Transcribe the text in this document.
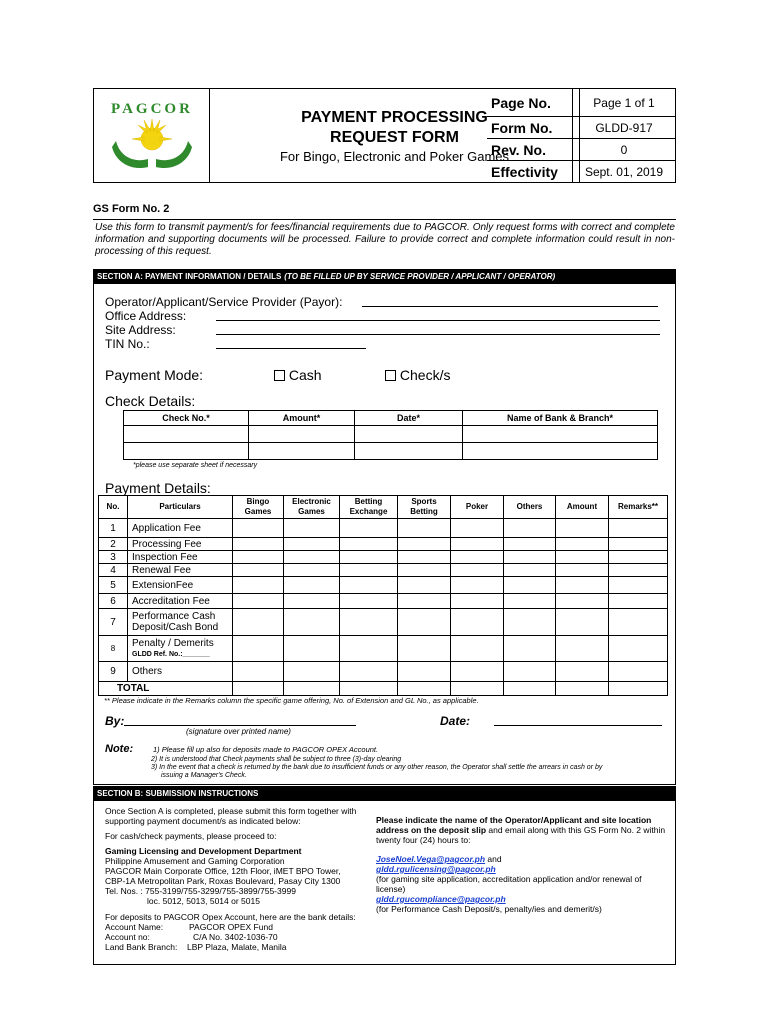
PAGCOR	PAYMENT PROCESSING
REQUEST FORM
For Bingo, Electronic and Poker Games
Page No.	Page 1 of 1
Form No.	GLDD-917
Rev. No.	0
Effectivity	Sept. 01, 2019
GS Form No. 2
Use this form to transmit payment/s for fees/financial requirements due to PAGCOR. Only request forms with correct and complete information and supporting documents will be processed. Failure to provide correct and complete information could result in non-processing of this request.
SECTION A: PAYMENT INFORMATION / DETAILS (TO BE FILLED UP BY SERVICE PROVIDER / APPLICANT / OPERATOR)
Operator/Applicant/Service Provider (Payor):
Office Address:
Site Address:
TIN No.:
Payment Mode:	Cash	Check/s
Check Details:
Check No.*	Amount*	Date*	Name of Bank & Branch*

*please use separate sheet if necessary
Payment Details:
No.	Particulars	Bingo Games	Electronic Games	Betting Exchange	Sports Betting	Poker	Others	Amount	Remarks**
1	Application Fee								
2	Processing Fee								
3	Inspection Fee								
4	Renewal Fee								
5	ExtensionFee								
6	Accreditation Fee								
7	Performance Cash Deposit/Cash Bond								
8	Penalty / Demerits
GLDD Ref. No.:_______								

9	Others								
TOTAL									
** Please indicate in the Remarks column the specific game offering, No. of Extension and GL No., as applicable.
By:
(signature over printed name)
Date:
Note:	1) Please fill up also for deposits made to PAGCOR OPEX Account.
2) It is understood that Check payments shall be subject to three (3)-day clearing
3) In the event that a check is returned by the bank due to insufficient funds or any other reason, the Operator shall settle the arrears in cash or by
issuing a Manager's Check.
SECTION B: SUBMISSION INSTRUCTIONS
Once Section A is completed, please submit this form together with supporting payment document/s as indicated below:
For cash/check payments, please proceed to:
Gaming Licensing and Development Department
Philippine Amusement and Gaming Corporation
PAGCOR Main Corporate Office, 12th Floor, iMET BPO Tower,
CBP-1A Metropolitan Park, Roxas Boulevard, Pasay City 1300
Tel. Nos. : 755-3199/755-3299/755-3899/755-3999
loc. 5012, 5013, 5014 or 5015
For deposits to PAGCOR Opex Account, here are the bank details:
Account Name:	PAGCOR OPEX Fund
Account no:	C/A No. 3402-1036-70
Land Bank Branch:	LBP Plaza, Malate, Manila
Please indicate the name of the Operator/Applicant and site location address on the deposit slip and email along with this GS Form No. 2 within twenty four (24) hours to:
JoseNoel.Vega@pagcor.ph and
gldd.rgulicensing@pagcor.ph
(for gaming site application, accreditation application and/or renewal of license)
gldd.rgucompliance@pagcor.ph
(for Performance Cash Deposit/s, penalty/ies and demerit/s)
